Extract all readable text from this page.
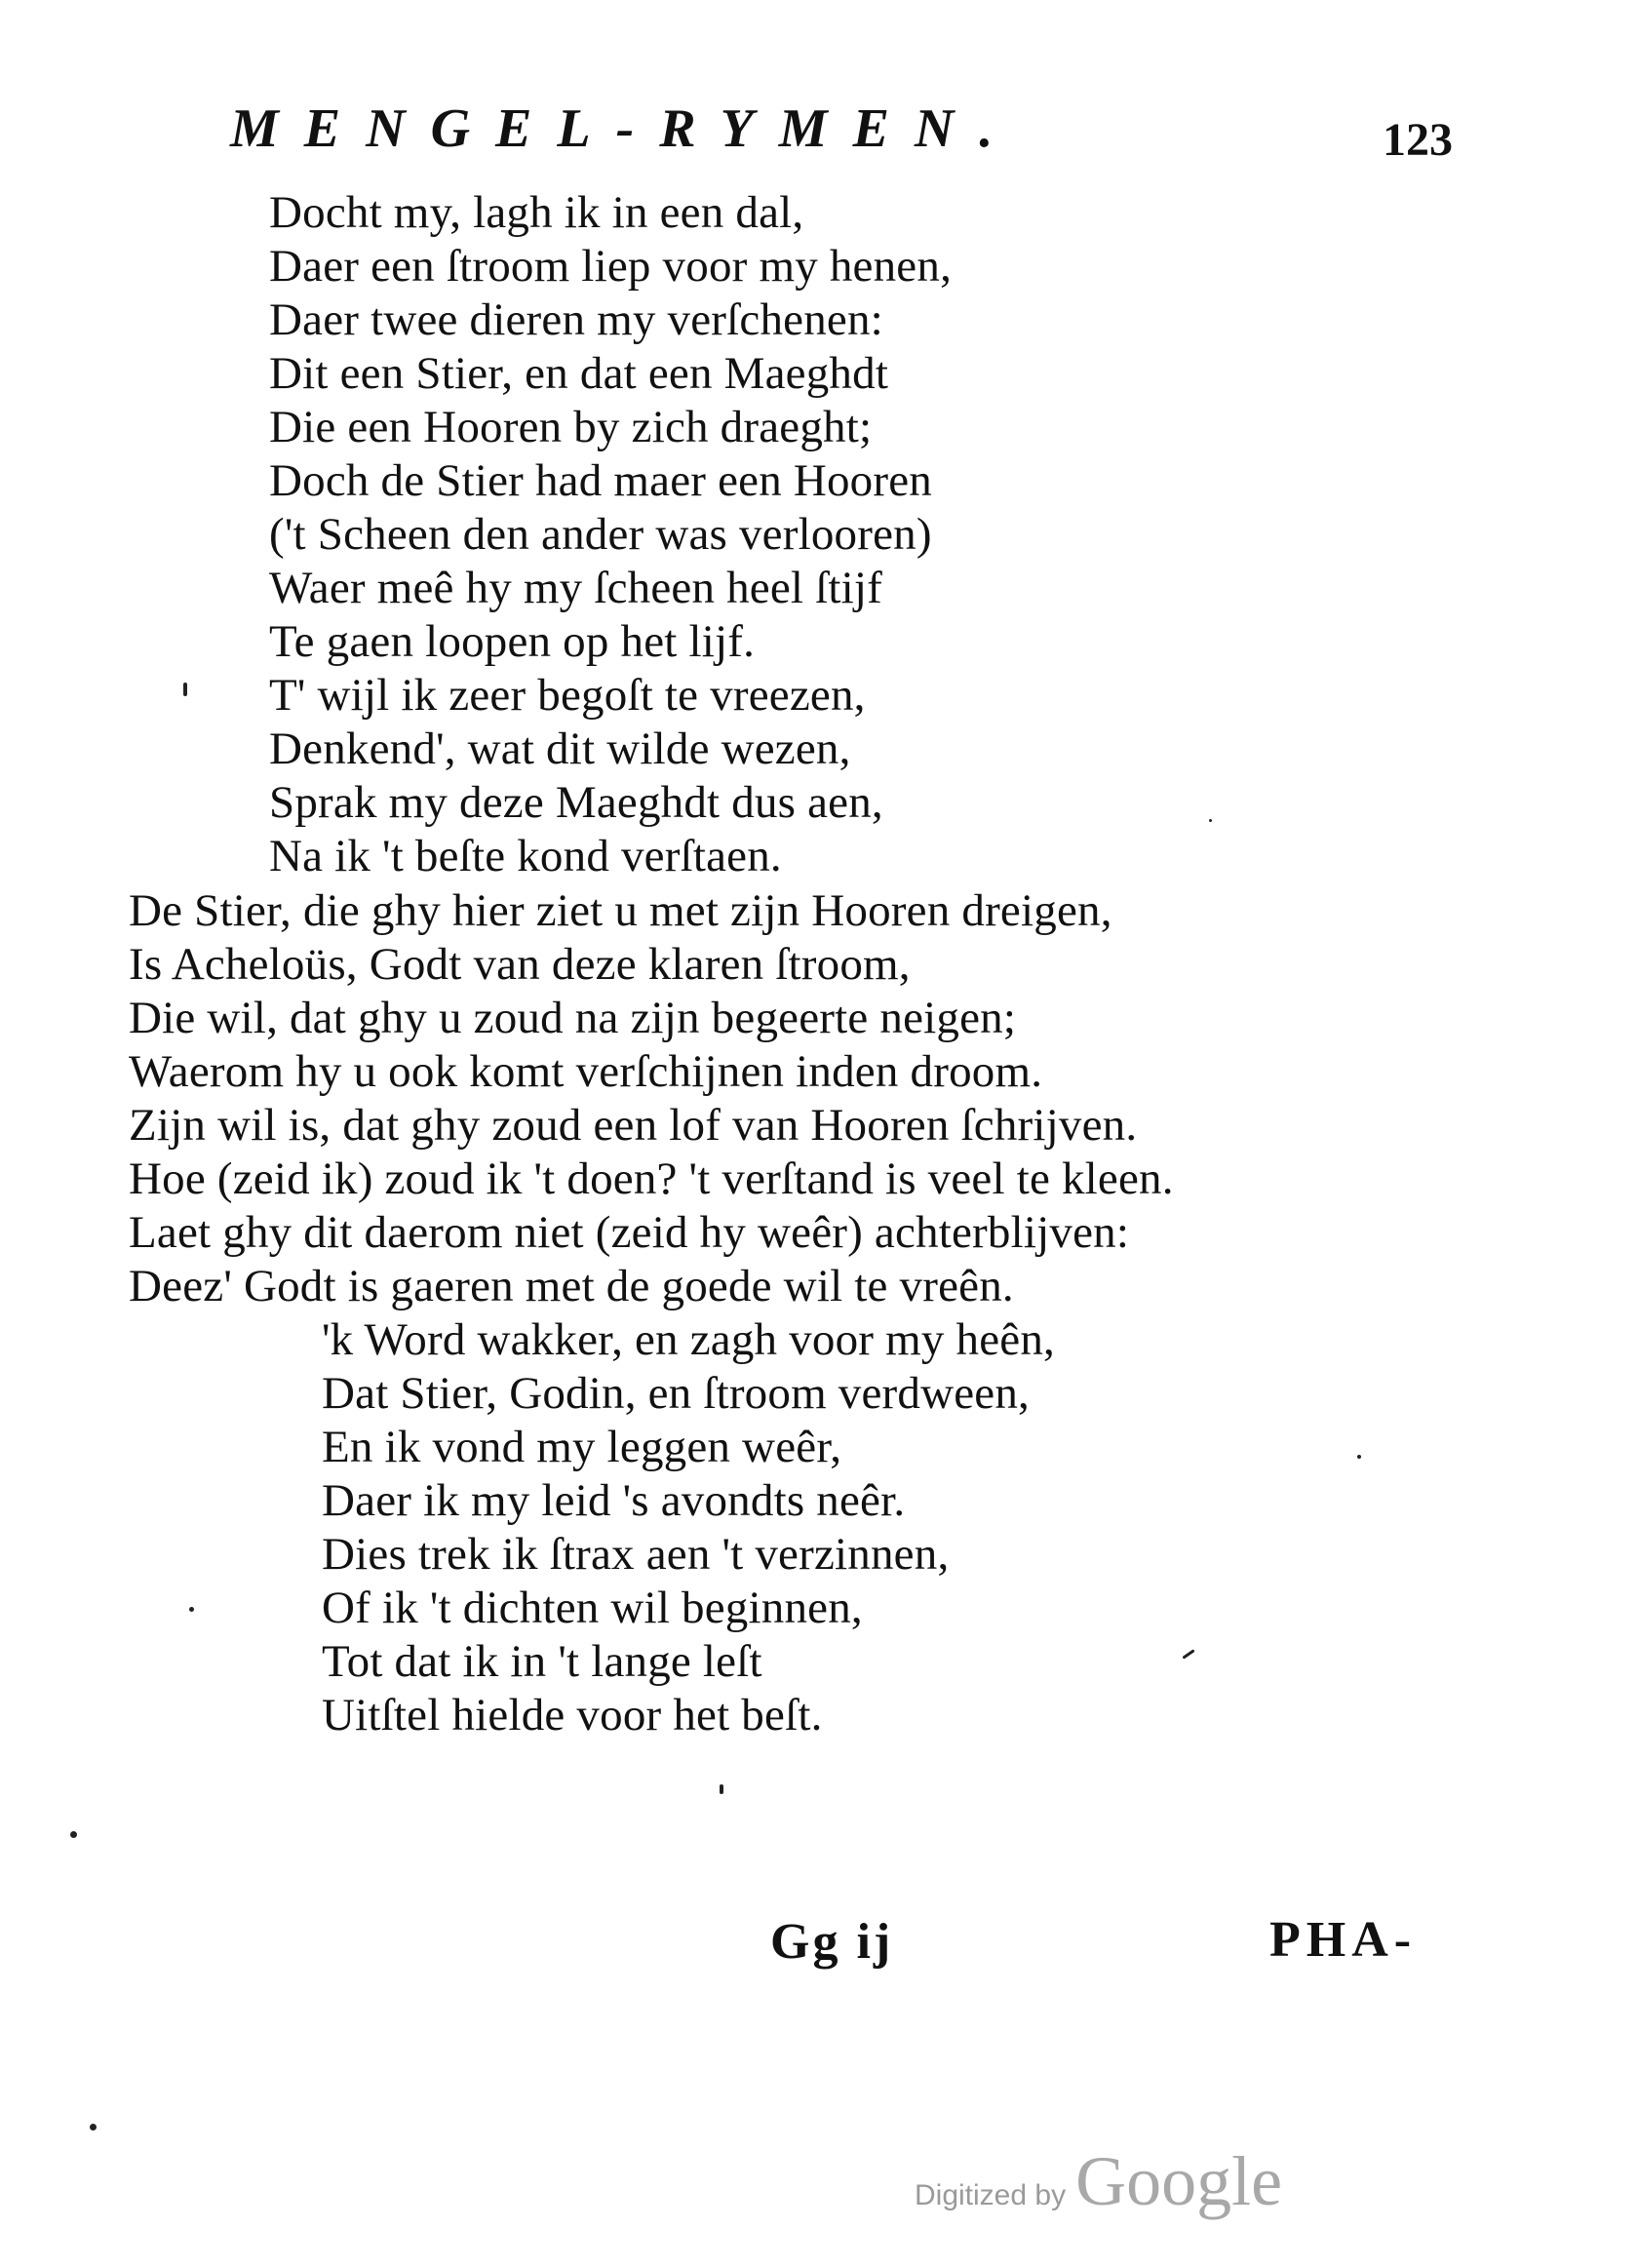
MENGEL-RYMEN.	123
Docht my, lagh ik in een dal,
Daer een ſtroom liep voor my henen,
Daer twee dieren my verſchenen:
Dit een Stier, en dat een Maeghdt
Die een Hooren by zich draeght;
Doch de Stier had maer een Hooren
('t Scheen den ander was verlooren)
Waer meê hy my ſcheen heel ſtijf
Te gaen loopen op het lijf.
T' wijl ik zeer begoſt te vreezen,
Denkend', wat dit wilde wezen,
Sprak my deze Maeghdt dus aen,
Na ik 't beſte kond verſtaen.
De Stier, die ghy hier ziet u met zijn Hooren dreigen,
Is Acheloüs, Godt van deze klaren ſtroom,
Die wil, dat ghy u zoud na zijn begeerte neigen;
Waerom hy u ook komt verſchijnen inden droom.
Zijn wil is, dat ghy zoud een lof van Hooren ſchrijven.
Hoe (zeid ik) zoud ik 't doen? 't verſtand is veel te kleen.
Laet ghy dit daerom niet (zeid hy weêr) achterblijven:
Deez' Godt is gaeren met de goede wil te vreên.
'k Word wakker, en zagh voor my heên,
Dat Stier, Godin, en ſtroom verdween,
En ik vond my leggen weêr,
Daer ik my leid 's avondts neêr.
Dies trek ik ſtrax aen 't verzinnen,
Of ik 't dichten wil beginnen,
Tot dat ik in 't lange leſt
Uitſtel hielde voor het beſt.
Gg ij	PHA-
Digitized by Google
